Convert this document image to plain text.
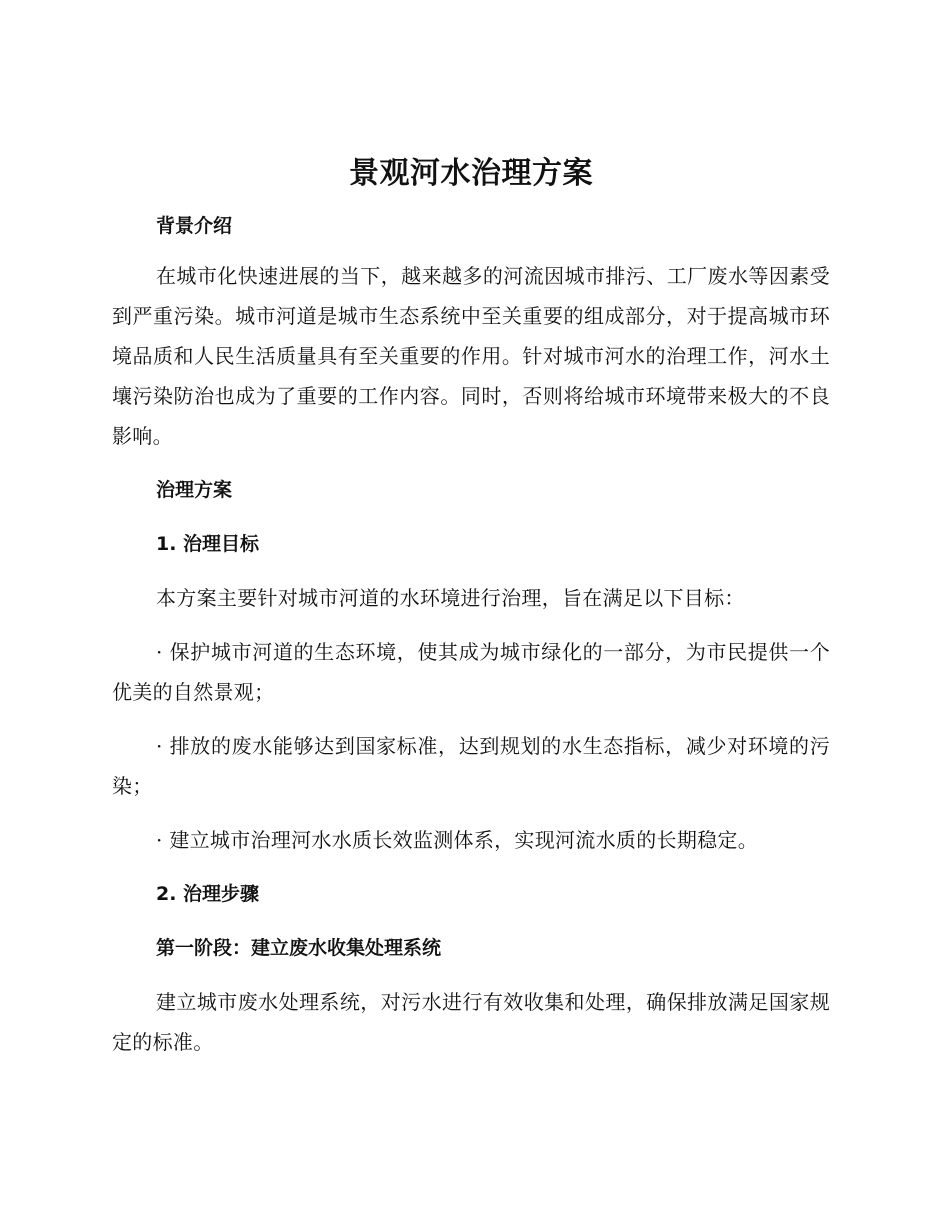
景观河水治理方案
背景介绍

在城市化快速进展的当下，越来越多的河流因城市排污、工厂废水等因素受到严重污染。城市河道是城市生态系统中至关重要的组成部分，对于提高城市环境品质和人民生活质量具有至关重要的作用。针对城市河水的治理工作，河水土壤污染防治也成为了重要的工作内容。同时，否则将给城市环境带来极大的不良影响。

治理方案
1. 治理目标

本方案主要针对城市河道的水环境进行治理，旨在满足以下目标：

· 保护城市河道的生态环境，使其成为城市绿化的一部分，为市民提供一个优美的自然景观；

· 排放的废水能够达到国家标准，达到规划的水生态指标，减少对环境的污染；

· 建立城市治理河水水质长效监测体系，实现河流水质的长期稳定。

2. 治理步骤
第一阶段：建立废水收集处理系统

建立城市废水处理系统，对污水进行有效收集和处理，确保排放满足国家规定的标准。
